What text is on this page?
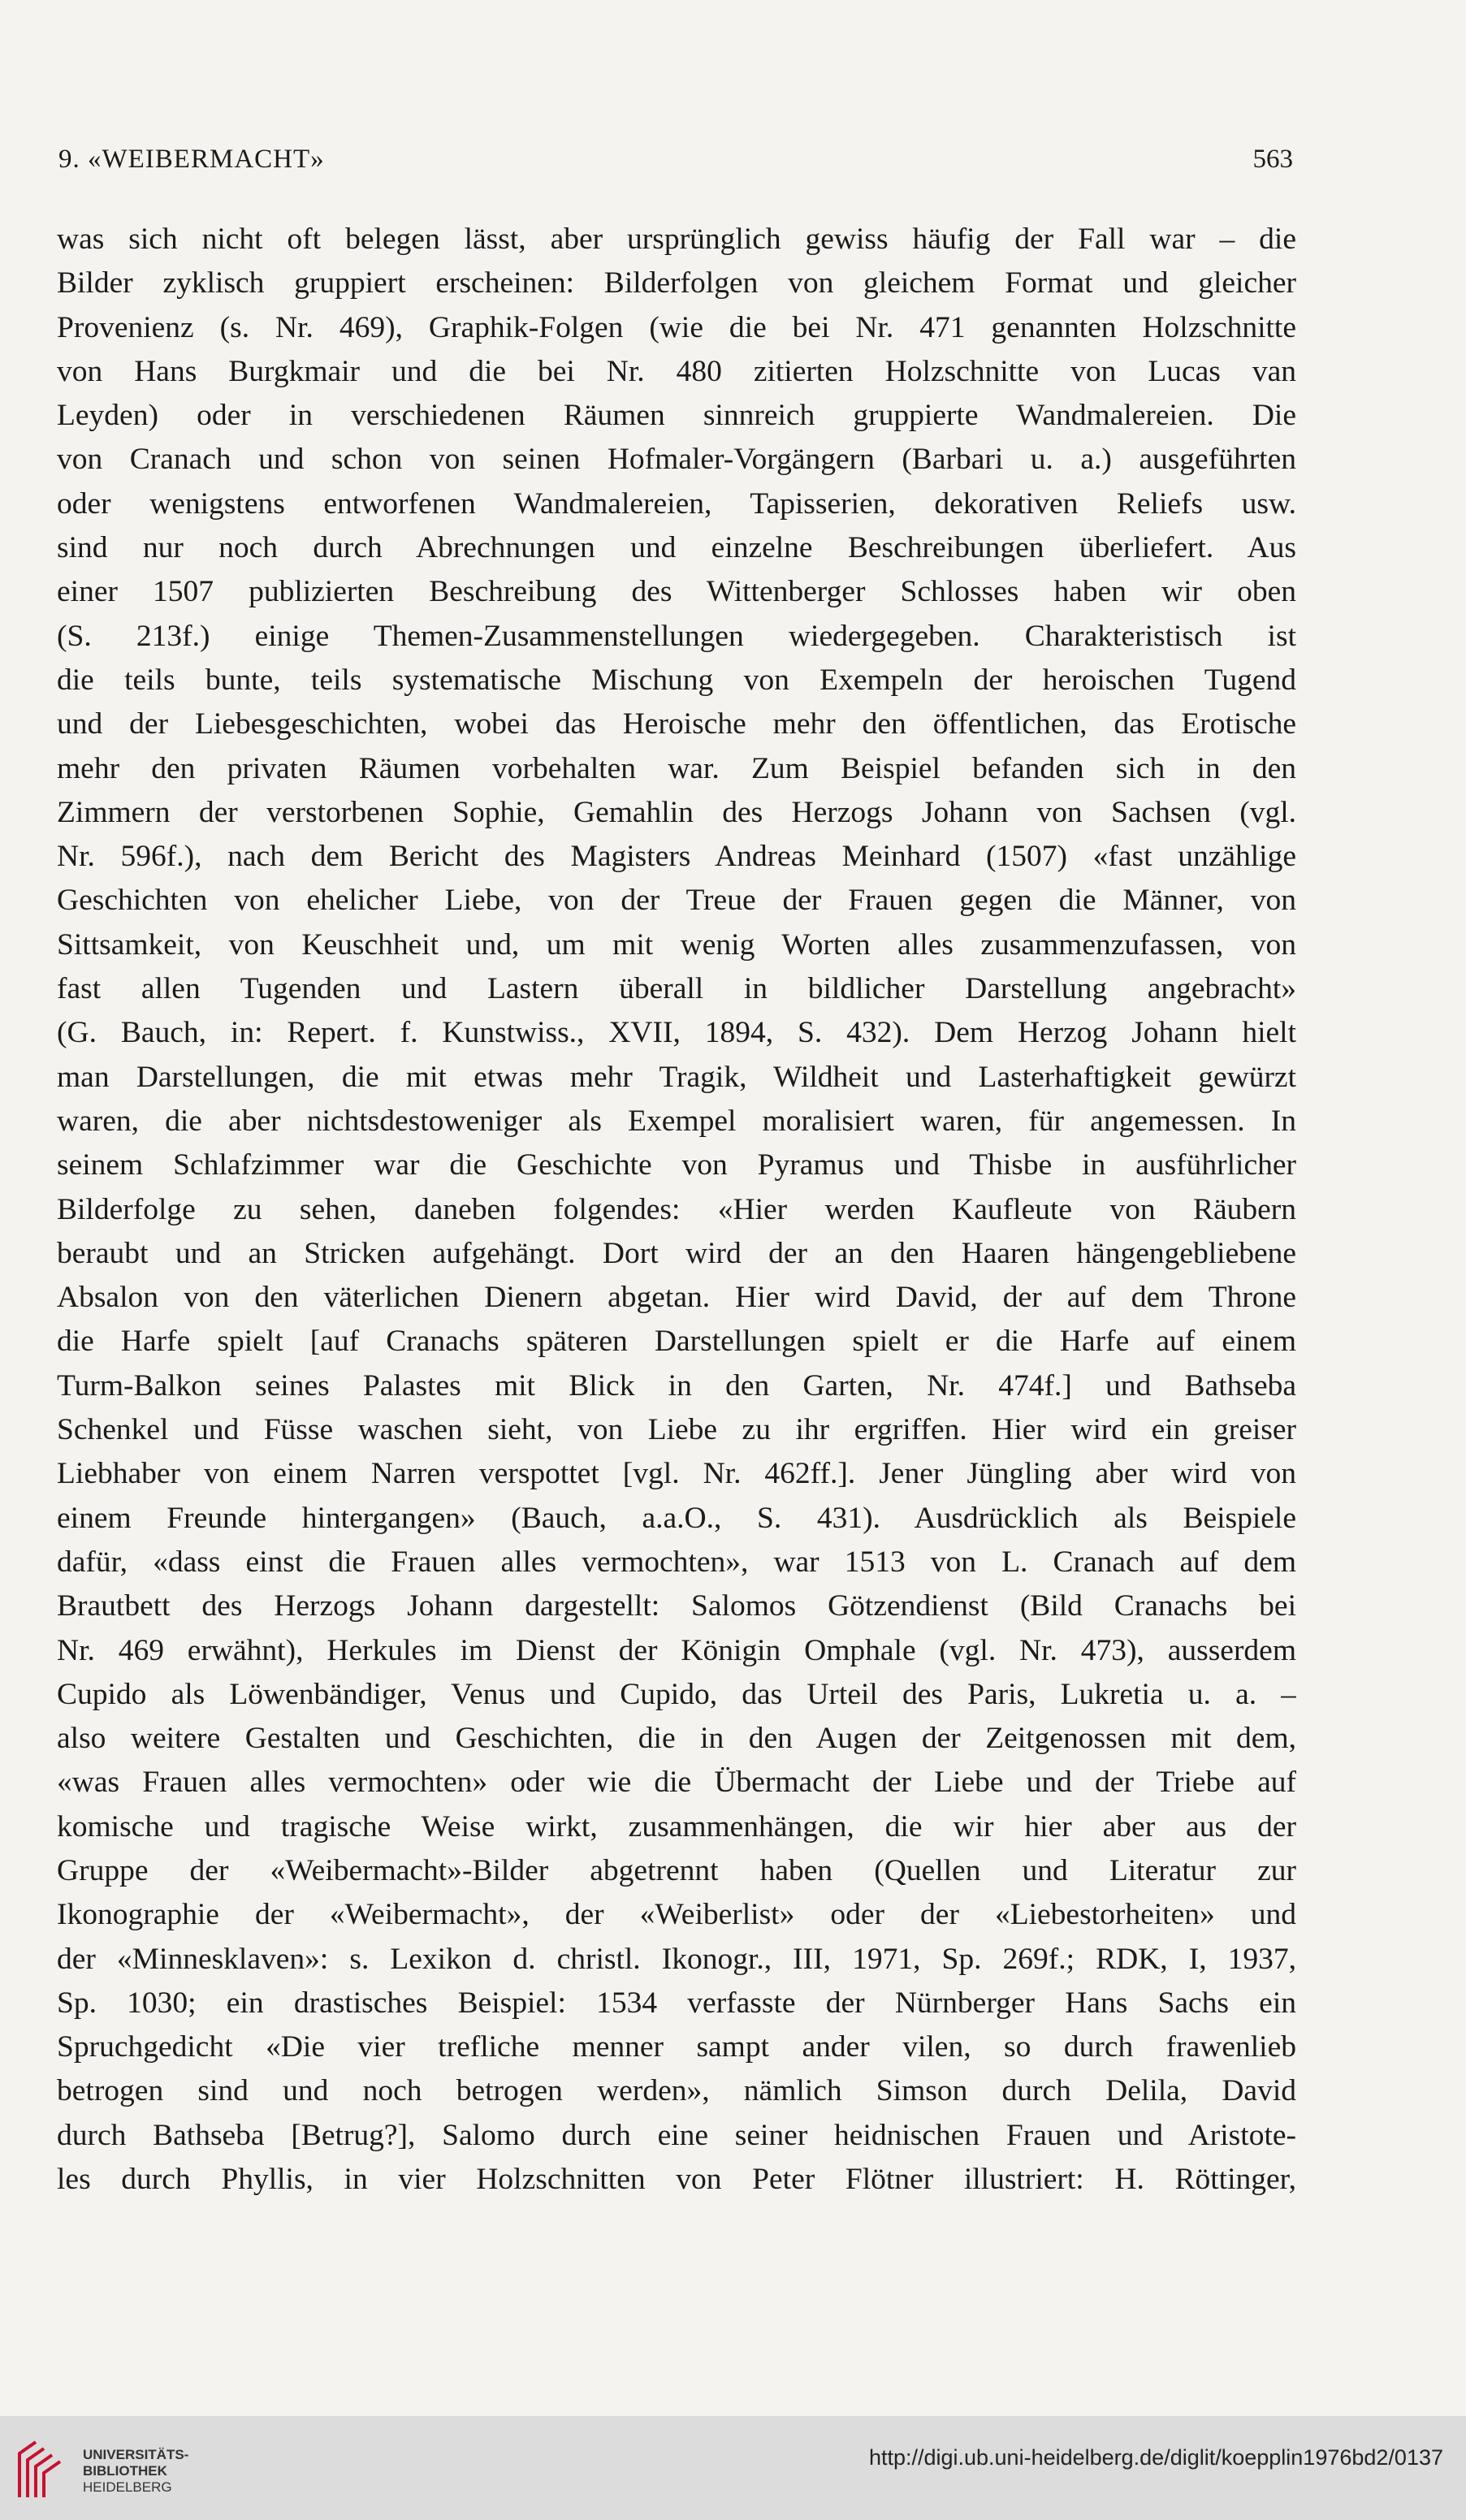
9. «WEIBERMACHT»	563
was sich nicht oft belegen lässt, aber ursprünglich gewiss häufig der Fall war – die
Bilder zyklisch gruppiert erscheinen: Bilderfolgen von gleichem Format und gleicher
Provenienz (s. Nr. 469), Graphik-Folgen (wie die bei Nr. 471 genannten Holzschnitte
von Hans Burgkmair und die bei Nr. 480 zitierten Holzschnitte von Lucas van
Leyden) oder in verschiedenen Räumen sinnreich gruppierte Wandmalereien. Die
von Cranach und schon von seinen Hofmaler-Vorgängern (Barbari u. a.) ausgeführten
oder wenigstens entworfenen Wandmalereien, Tapisserien, dekorativen Reliefs usw.
sind nur noch durch Abrechnungen und einzelne Beschreibungen überliefert. Aus
einer 1507 publizierten Beschreibung des Wittenberger Schlosses haben wir oben
(S. 213f.) einige Themen-Zusammenstellungen wiedergegeben. Charakteristisch ist
die teils bunte, teils systematische Mischung von Exempeln der heroischen Tugend
und der Liebesgeschichten, wobei das Heroische mehr den öffentlichen, das Erotische
mehr den privaten Räumen vorbehalten war. Zum Beispiel befanden sich in den
Zimmern der verstorbenen Sophie, Gemahlin des Herzogs Johann von Sachsen (vgl.
Nr. 596f.), nach dem Bericht des Magisters Andreas Meinhard (1507) «fast unzählige
Geschichten von ehelicher Liebe, von der Treue der Frauen gegen die Männer, von
Sittsamkeit, von Keuschheit und, um mit wenig Worten alles zusammenzufassen, von
fast allen Tugenden und Lastern überall in bildlicher Darstellung angebracht»
(G. Bauch, in: Repert. f. Kunstwiss., XVII, 1894, S. 432). Dem Herzog Johann hielt
man Darstellungen, die mit etwas mehr Tragik, Wildheit und Lasterhaftigkeit gewürzt
waren, die aber nichtsdestoweniger als Exempel moralisiert waren, für angemessen. In
seinem Schlafzimmer war die Geschichte von Pyramus und Thisbe in ausführlicher
Bilderfolge zu sehen, daneben folgendes: «Hier werden Kaufleute von Räubern
beraubt und an Stricken aufgehängt. Dort wird der an den Haaren hängengebliebene
Absalon von den väterlichen Dienern abgetan. Hier wird David, der auf dem Throne
die Harfe spielt [auf Cranachs späteren Darstellungen spielt er die Harfe auf einem
Turm-Balkon seines Palastes mit Blick in den Garten, Nr. 474f.] und Bathseba
Schenkel und Füsse waschen sieht, von Liebe zu ihr ergriffen. Hier wird ein greiser
Liebhaber von einem Narren verspottet [vgl. Nr. 462ff.]. Jener Jüngling aber wird von
einem Freunde hintergangen» (Bauch, a.a.O., S. 431). Ausdrücklich als Beispiele
dafür, «dass einst die Frauen alles vermochten», war 1513 von L. Cranach auf dem
Brautbett des Herzogs Johann dargestellt: Salomos Götzendienst (Bild Cranachs bei
Nr. 469 erwähnt), Herkules im Dienst der Königin Omphale (vgl. Nr. 473), ausserdem
Cupido als Löwenbändiger, Venus und Cupido, das Urteil des Paris, Lukretia u. a. –
also weitere Gestalten und Geschichten, die in den Augen der Zeitgenossen mit dem,
«was Frauen alles vermochten» oder wie die Übermacht der Liebe und der Triebe auf
komische und tragische Weise wirkt, zusammenhängen, die wir hier aber aus der
Gruppe der «Weibermacht»-Bilder abgetrennt haben (Quellen und Literatur zur
Ikonographie der «Weibermacht», der «Weiberlist» oder der «Liebestorheiten» und
der «Minnesklaven»: s. Lexikon d. christl. Ikonogr., III, 1971, Sp. 269f.; RDK, I, 1937,
Sp. 1030; ein drastisches Beispiel: 1534 verfasste der Nürnberger Hans Sachs ein
Spruchgedicht «Die vier trefliche menner sampt ander vilen, so durch frawenlieb
betrogen sind und noch betrogen werden», nämlich Simson durch Delila, David
durch Bathseba [Betrug?], Salomo durch eine seiner heidnischen Frauen und Aristote-
les durch Phyllis, in vier Holzschnitten von Peter Flötner illustriert: H. Röttinger,
UNIVERSITÄTS-
BIBLIOTHEK
HEIDELBERG
http://digi.ub.uni-heidelberg.de/diglit/koepplin1976bd2/0137
